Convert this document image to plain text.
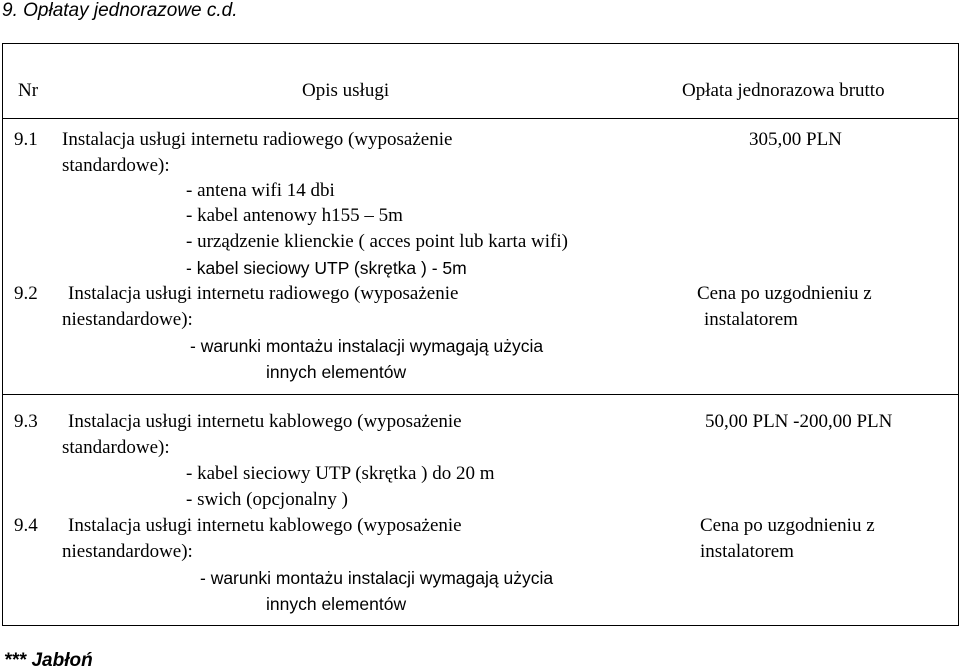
9. Opłatay jednorazowe c.d.
Nr	Opis usługi	Opłata jednorazowa brutto
9.1 Instalacja usługi internetu radiowego (wyposażenie
standardowe):
- antena wifi 14 dbi
- kabel antenowy h155 – 5m
- urządzenie klienckie ( acces point lub karta wifi)
- kabel sieciowy UTP (skrętka ) - 5m
305,00 PLN
9.2 Instalacja usługi internetu radiowego (wyposażenie
niestandardowe):
- warunki montażu instalacji wymagają użycia
innych elementów
Cena po uzgodnieniu z
instalatorem
9.3 Instalacja usługi internetu kablowego (wyposażenie
standardowe):
- kabel sieciowy UTP (skrętka ) do 20 m
- swich (opcjonalny )
50,00 PLN -200,00 PLN
9.4 Instalacja usługi internetu kablowego (wyposażenie
niestandardowe):
- warunki montażu instalacji wymagają użycia
innych elementów
Cena po uzgodnieniu z
instalatorem
*** Jabłoń
